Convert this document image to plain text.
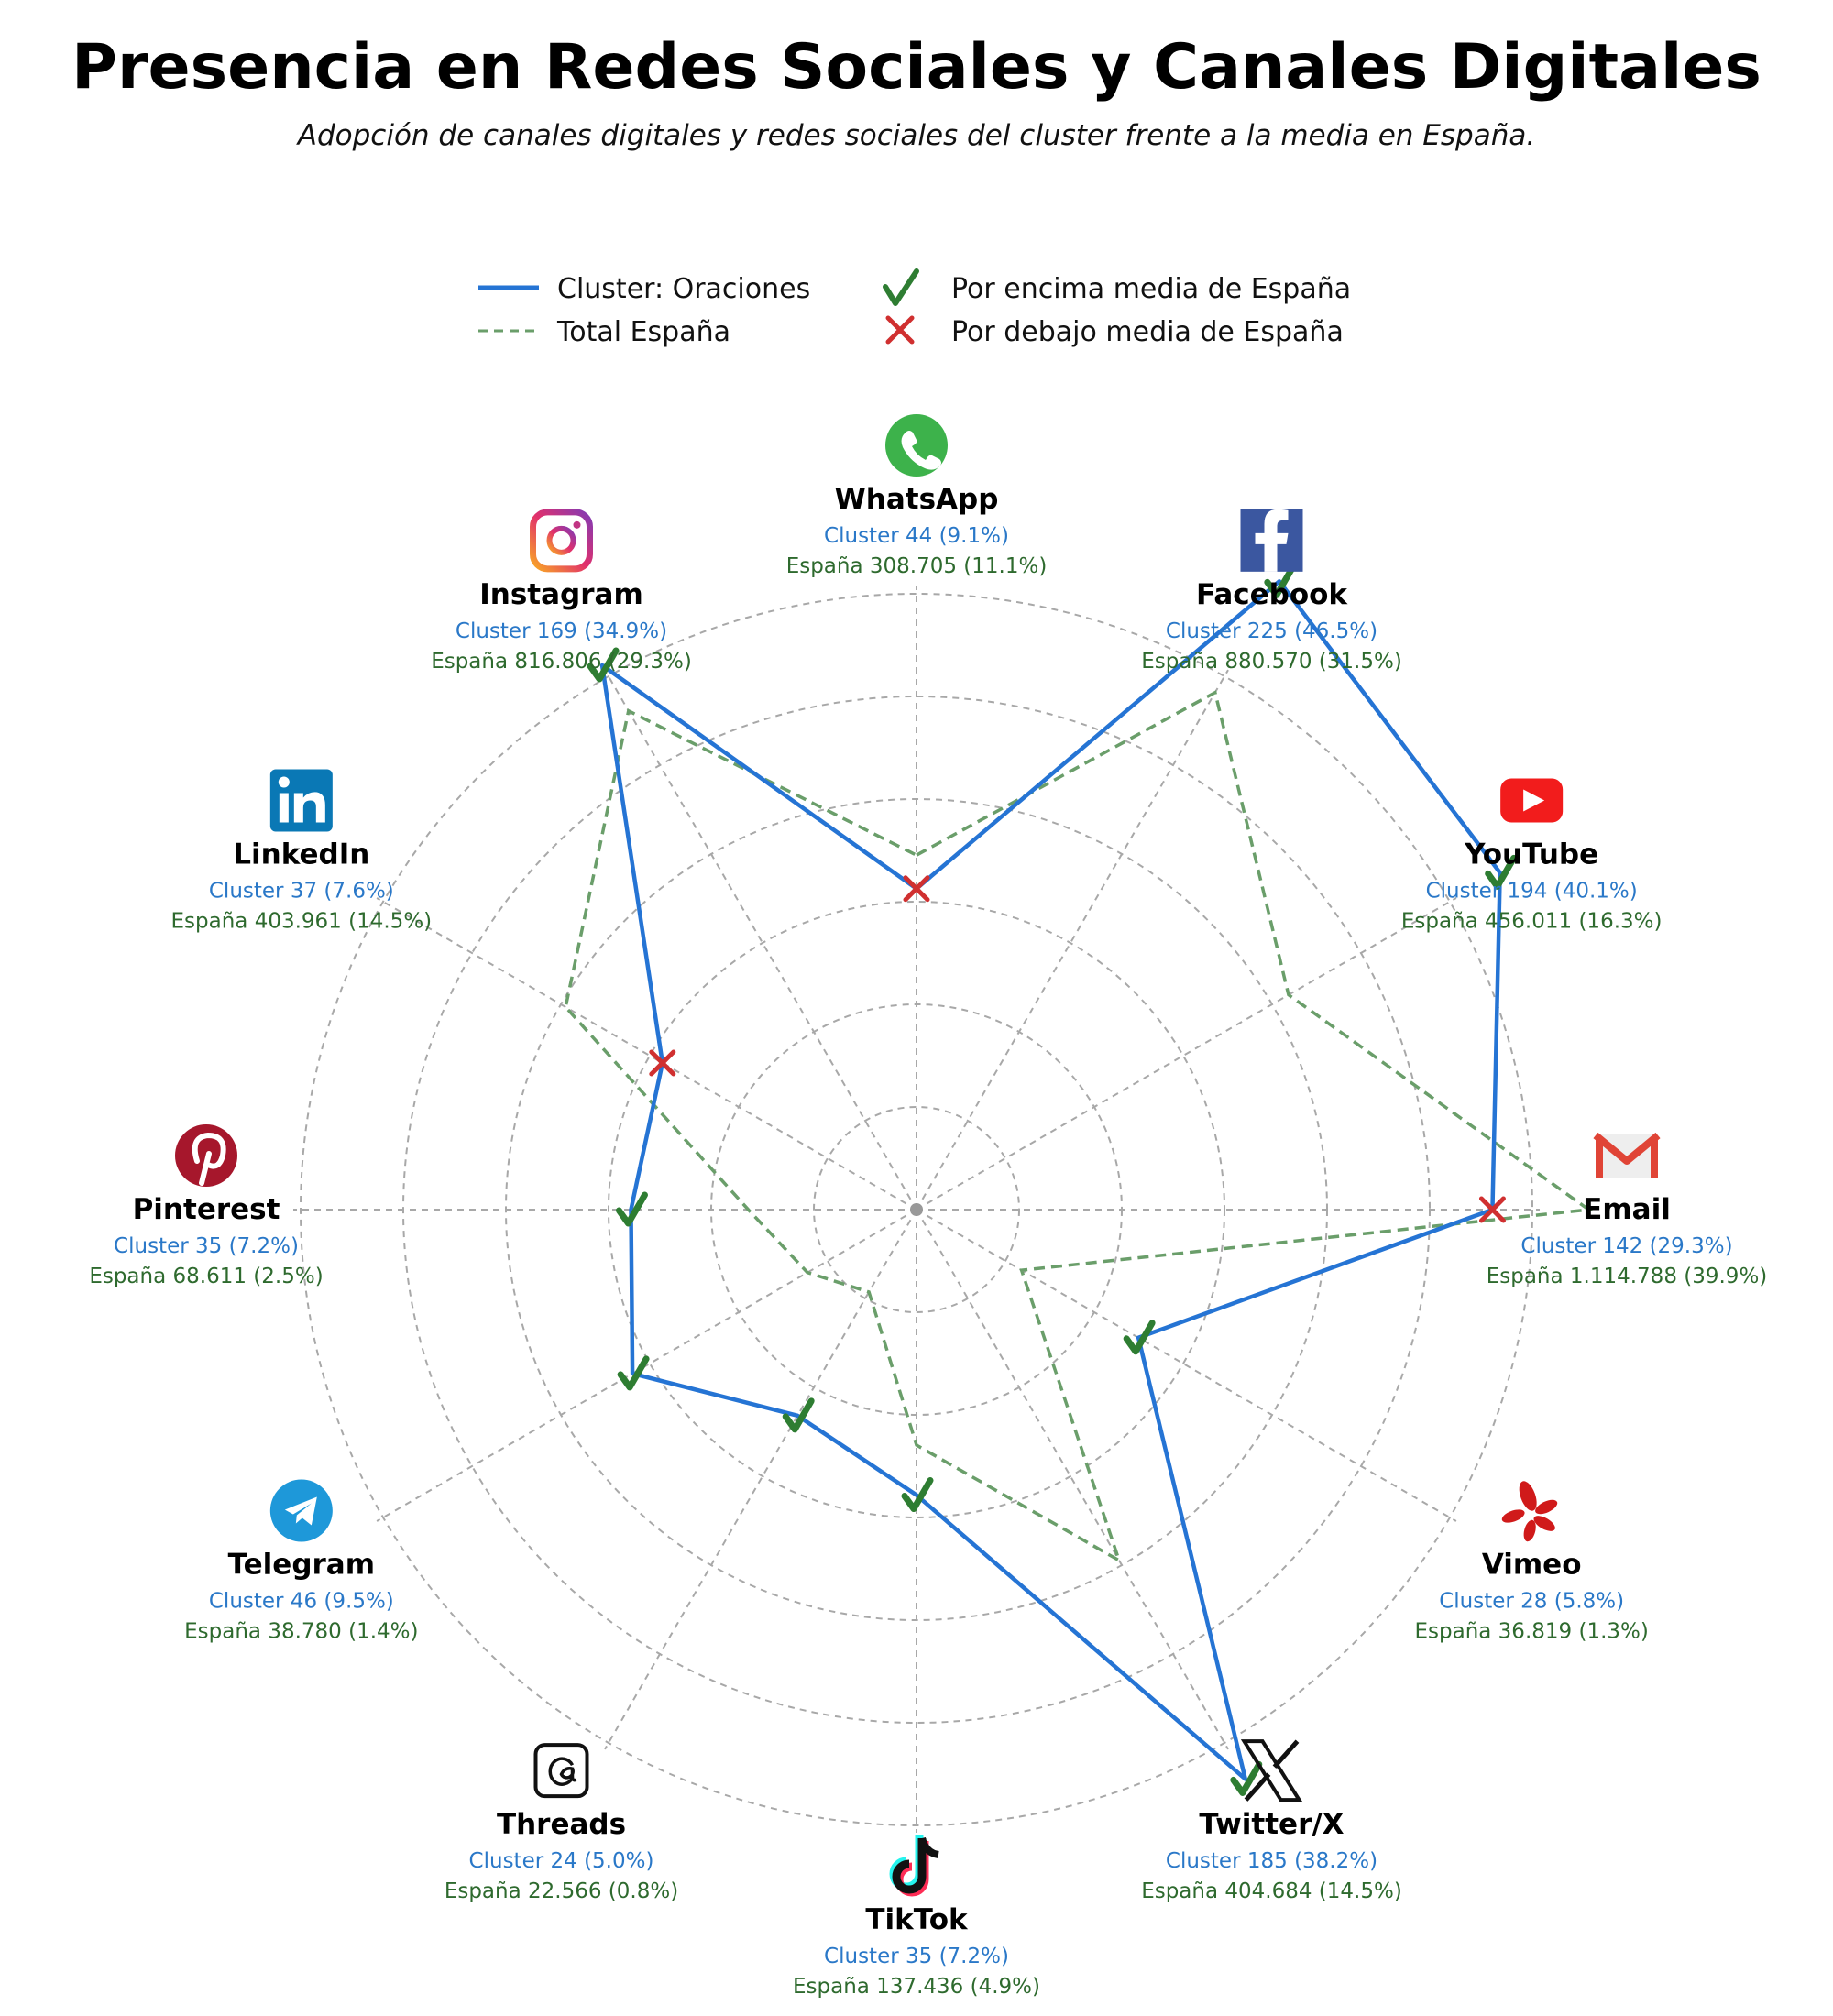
Presencia en Redes Sociales y Canales Digitales
Adopción de canales digitales y redes sociales del cluster frente a la media en España.
WhatsApp
Cluster 44 (9.1%)
España 308.705 (11.1%)
Facebook
Cluster 225 (46.5%)
España 880.570 (31.5%)
YouTube
Cluster 194 (40.1%)
España 456.011 (16.3%)
Email
Cluster 142 (29.3%)
España 1.114.788 (39.9%)
Vimeo
Cluster 28 (5.8%)
España 36.819 (1.3%)
Twitter/X
Cluster 185 (38.2%)
España 404.684 (14.5%)
TikTok
Cluster 35 (7.2%)
España 137.436 (4.9%)
Threads
Cluster 24 (5.0%)
España 22.566 (0.8%)
Telegram
Cluster 46 (9.5%)
España 38.780 (1.4%)
Pinterest
Cluster 35 (7.2%)
España 68.611 (2.5%)
LinkedIn
Cluster 37 (7.6%)
España 403.961 (14.5%)
Instagram
Cluster 169 (34.9%)
España 816.806 (29.3%)
Cluster: Oraciones
Total España
Por encima media de España
Por debajo media de España
